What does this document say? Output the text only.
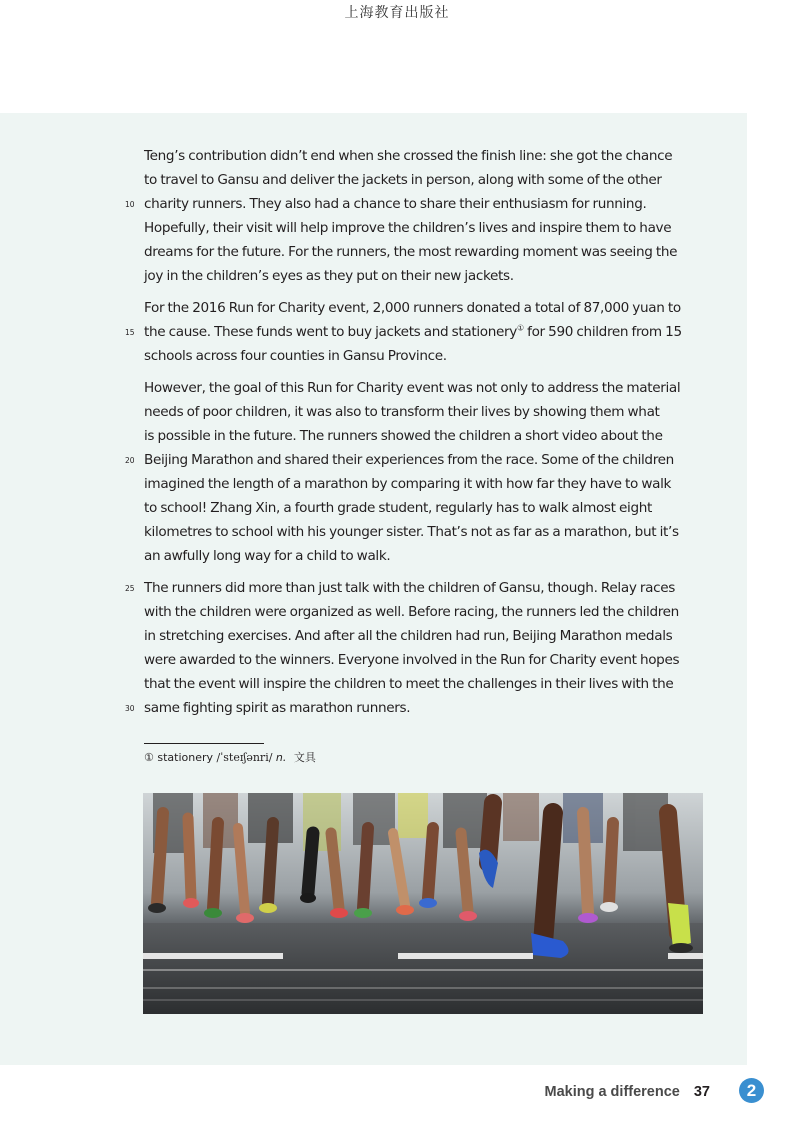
上海教育出版社
Teng’s contribution didn’t end when she crossed the finish line: she got the chance
to travel to Gansu and deliver the jackets in person, along with some of the other
10 charity runners. They also had a chance to share their enthusiasm for running.
Hopefully, their visit will help improve the children’s lives and inspire them to have
dreams for the future. For the runners, the most rewarding moment was seeing the
joy in the children’s eyes as they put on their new jackets.
For the 2016 Run for Charity event, 2,000 runners donated a total of 87,000 yuan to
15 the cause. These funds went to buy jackets and stationery① for 590 children from 15
schools across four counties in Gansu Province.
However, the goal of this Run for Charity event was not only to address the material
needs of poor children, it was also to transform their lives by showing them what
is possible in the future. The runners showed the children a short video about the
20 Beijing Marathon and shared their experiences from the race. Some of the children
imagined the length of a marathon by comparing it with how far they have to walk
to school! Zhang Xin, a fourth grade student, regularly has to walk almost eight
kilometres to school with his younger sister. That’s not as far as a marathon, but it’s
an awfully long way for a child to walk.
25 The runners did more than just talk with the children of Gansu, though. Relay races
with the children were organized as well. Before racing, the runners led the children
in stretching exercises. And after all the children had run, Beijing Marathon medals
were awarded to the winners. Everyone involved in the Run for Charity event hopes
that the event will inspire the children to meet the challenges in their lives with the
30 same fighting spirit as marathon runners.
① stationery /ˈsteɪʃənri/ n. 文具
Making a difference 37	2
